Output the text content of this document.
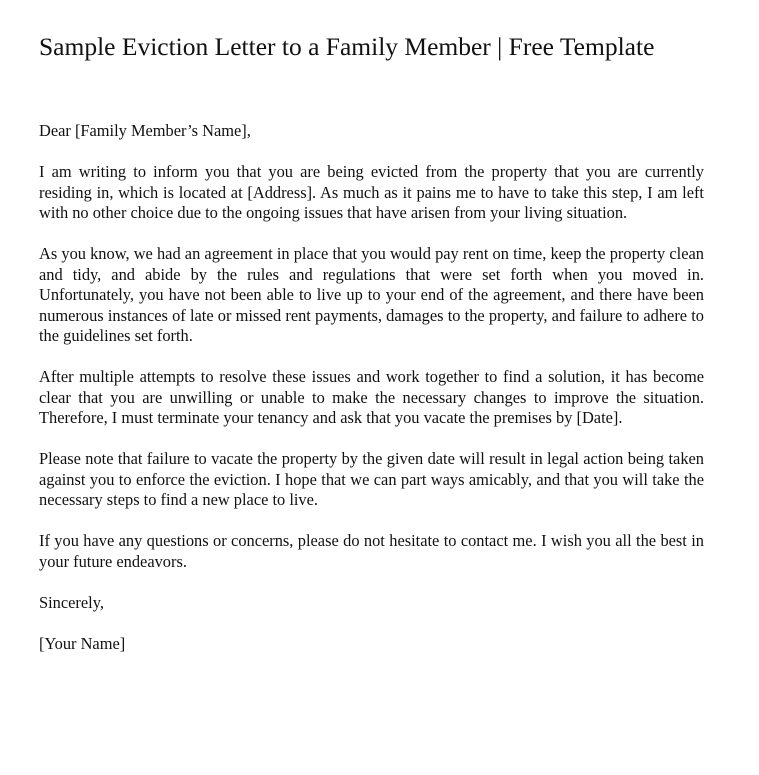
Sample Eviction Letter to a Family Member | Free Template

Dear [Family Member’s Name],

I am writing to inform you that you are being evicted from the property that you are currently residing in, which is located at [Address]. As much as it pains me to have to take this step, I am left with no other choice due to the ongoing issues that have arisen from your living situation.

As you know, we had an agreement in place that you would pay rent on time, keep the property clean and tidy, and abide by the rules and regulations that were set forth when you moved in. Unfortunately, you have not been able to live up to your end of the agreement, and there have been numerous instances of late or missed rent payments, damages to the property, and failure to adhere to the guidelines set forth.

After multiple attempts to resolve these issues and work together to find a solution, it has become clear that you are unwilling or unable to make the necessary changes to improve the situation. Therefore, I must terminate your tenancy and ask that you vacate the premises by [Date].

Please note that failure to vacate the property by the given date will result in legal action being taken against you to enforce the eviction. I hope that we can part ways amicably, and that you will take the necessary steps to find a new place to live.

If you have any questions or concerns, please do not hesitate to contact me. I wish you all the best in your future endeavors.

Sincerely,

[Your Name]
